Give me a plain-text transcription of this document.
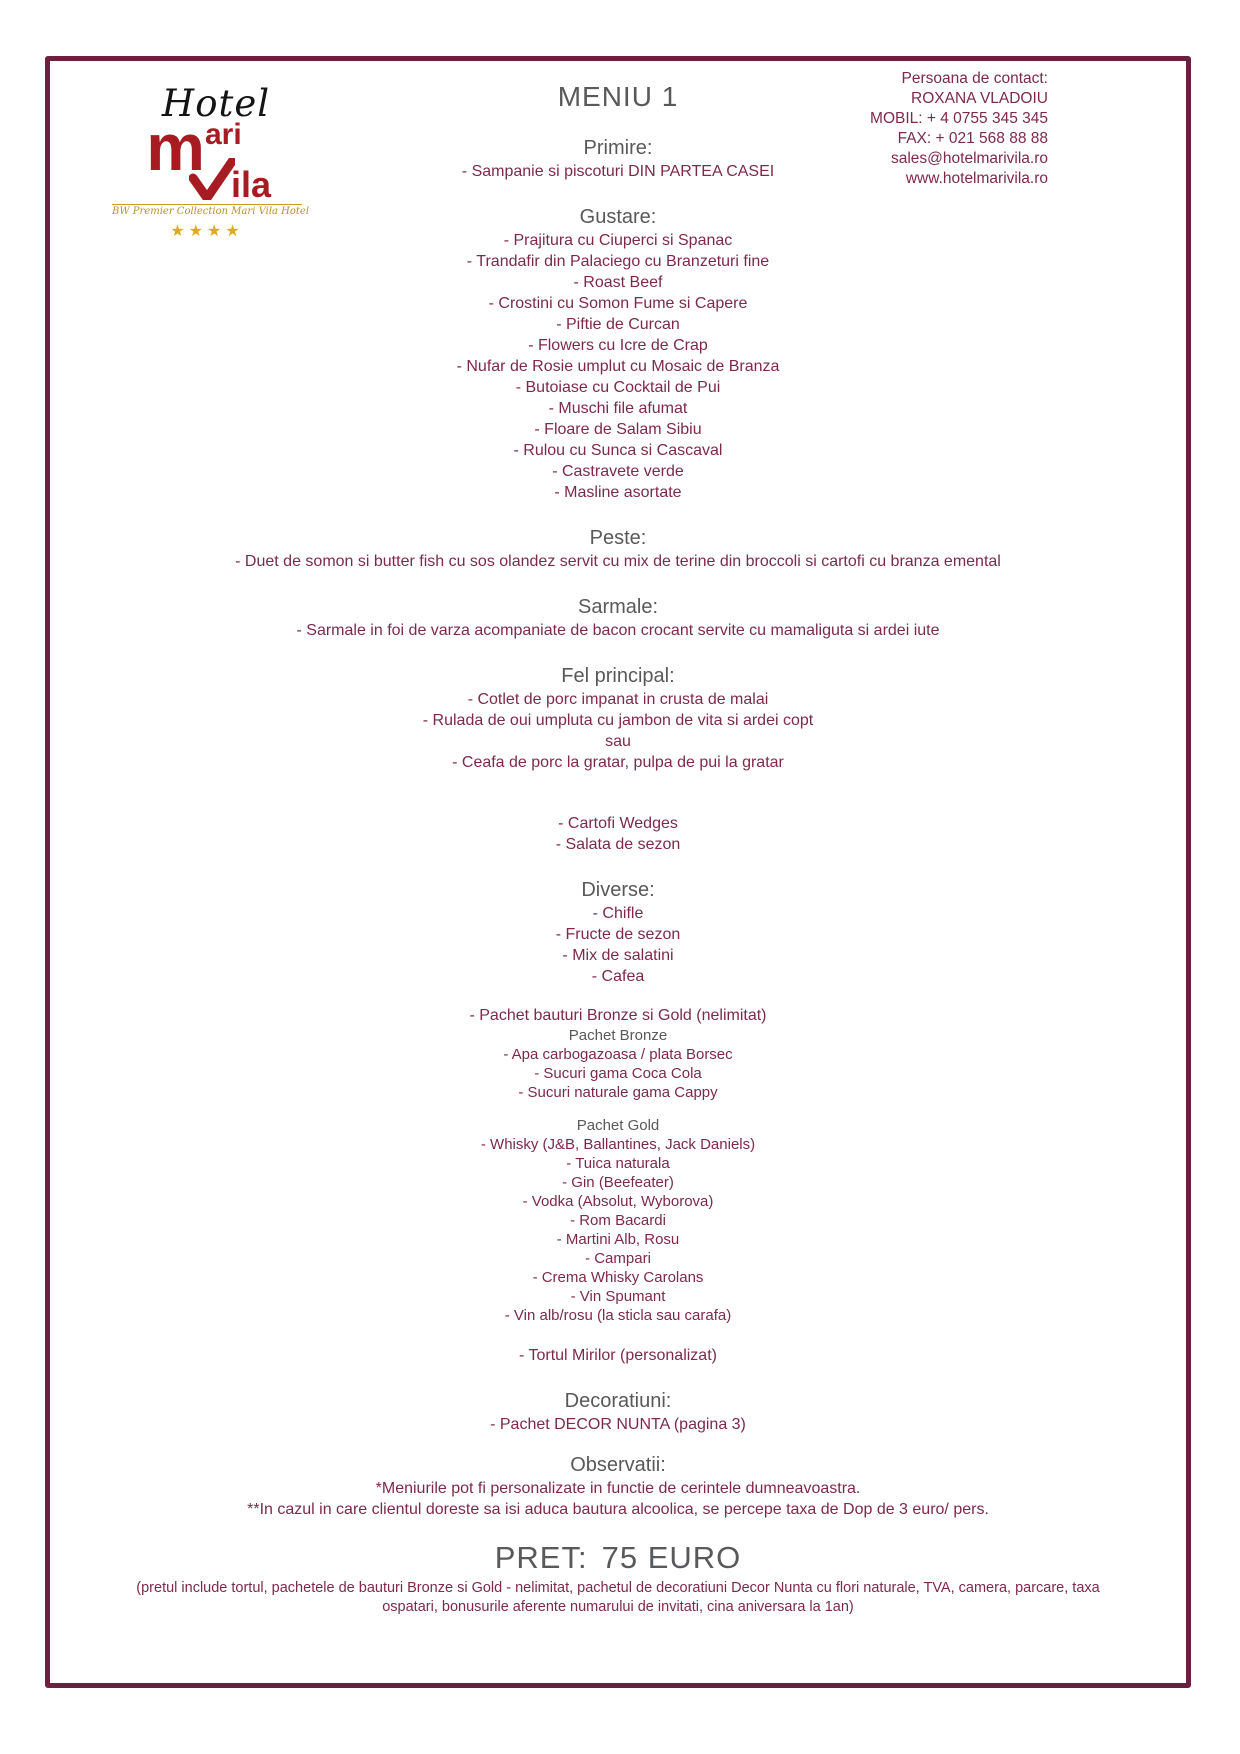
Hotel
m ari
ila
BW Premier Collection Mari Vila Hotel
★★★★
Persoana de contact:
ROXANA VLADOIU
MOBIL: + 4 0755 345 345
FAX: + 021 568 88 88
sales@hotelmarivila.ro
www.hotelmarivila.ro
MENIU 1
Primire:
- Sampanie si piscoturi DIN PARTEA CASEI
Gustare:
- Prajitura cu Ciuperci si Spanac
- Trandafir din Palaciego cu Branzeturi fine
- Roast Beef
- Crostini cu Somon Fume si Capere
- Piftie de Curcan
- Flowers cu Icre de Crap
- Nufar de Rosie umplut cu Mosaic de Branza
- Butoiase cu Cocktail de Pui
- Muschi file afumat
- Floare de Salam Sibiu
- Rulou cu Sunca si Cascaval
- Castravete verde
- Masline asortate
Peste:
- Duet de somon si butter fish cu sos olandez servit cu mix de terine din broccoli si cartofi cu branza emental
Sarmale:
- Sarmale in foi de varza acompaniate de bacon crocant servite cu mamaliguta si ardei iute
Fel principal:
- Cotlet de porc impanat in crusta de malai
- Rulada de oui umpluta cu jambon de vita si ardei copt
sau
- Ceafa de porc la gratar, pulpa de pui la gratar
- Cartofi Wedges
- Salata de sezon
Diverse:
- Chifle
- Fructe de sezon
- Mix de salatini
- Cafea
- Pachet bauturi Bronze si Gold (nelimitat)
Pachet Bronze
- Apa carbogazoasa / plata Borsec
- Sucuri gama Coca Cola
- Sucuri naturale gama Cappy
Pachet Gold
- Whisky (J&B, Ballantines, Jack Daniels)
- Tuica naturala
- Gin (Beefeater)
- Vodka (Absolut, Wyborova)
- Rom Bacardi
- Martini Alb, Rosu
- Campari
- Crema Whisky Carolans
- Vin Spumant
- Vin alb/rosu (la sticla sau carafa)
- Tortul Mirilor (personalizat)
Decoratiuni:
- Pachet DECOR NUNTA (pagina 3)
Observatii:
*Meniurile pot fi personalizate in functie de cerintele dumneavoastra.
**In cazul in care clientul doreste sa isi aduca bautura alcoolica, se percepe taxa de Dop de 3 euro/ pers.
PRET: 75 EURO
(pretul include tortul, pachetele de bauturi Bronze si Gold - nelimitat, pachetul de decoratiuni Decor Nunta cu flori naturale, TVA, camera, parcare, taxa ospatari, bonusurile aferente numarului de invitati, cina aniversara la 1an)
